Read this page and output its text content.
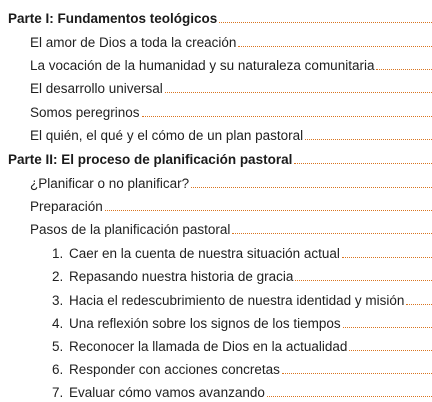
Parte I: Fundamentos teológicos
El amor de Dios a toda la creación
La vocación de la humanidad y su naturaleza comunitaria
El desarrollo universal
Somos peregrinos
El quién, el qué y el cómo de un plan pastoral
Parte II: El proceso de planificación pastoral
¿Planificar o no planificar?
Preparación
Pasos de la planificación pastoral
1. Caer en la cuenta de nuestra situación actual
2. Repasando nuestra historia de gracia
3. Hacia el redescubrimiento de nuestra identidad y misión
4. Una reflexión sobre los signos de los tiempos
5. Reconocer la llamada de Dios en la actualidad
6. Responder con acciones concretas
7. Evaluar cómo vamos avanzando
